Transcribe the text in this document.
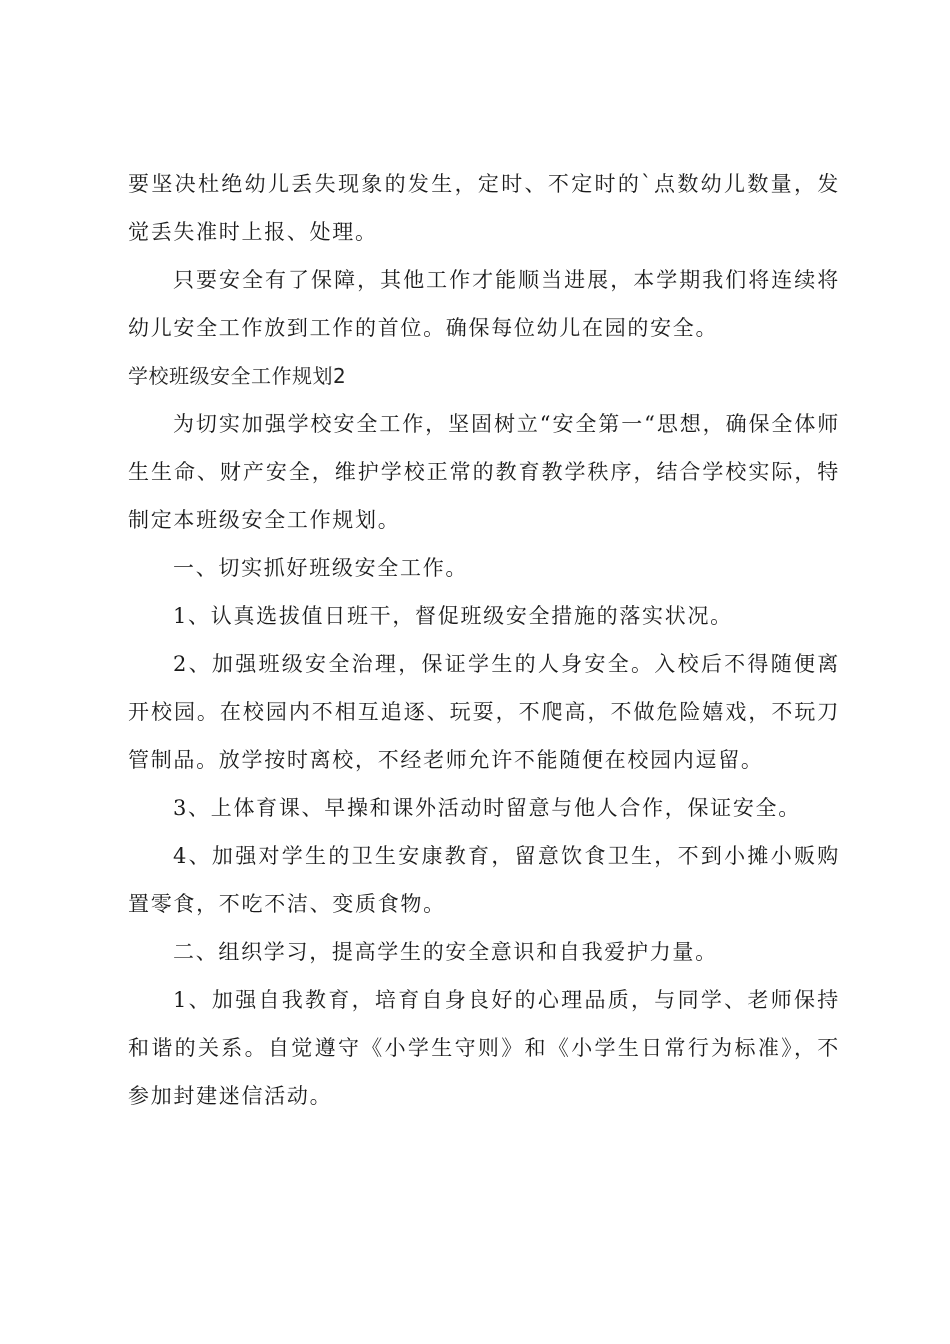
要坚决杜绝幼儿丢失现象的发生，定时、不定时的`点数幼儿数量，发觉丢失准时上报、处理。

只要安全有了保障，其他工作才能顺当进展，本学期我们将连续将幼儿安全工作放到工作的首位。确保每位幼儿在园的安全。

学校班级安全工作规划2

为切实加强学校安全工作，坚固树立“安全第一“思想，确保全体师生生命、财产安全，维护学校正常的教育教学秩序，结合学校实际，特制定本班级安全工作规划。

一、切实抓好班级安全工作。

1、认真选拔值日班干，督促班级安全措施的落实状况。

2、加强班级安全治理，保证学生的人身安全。入校后不得随便离开校园。在校园内不相互追逐、玩耍，不爬高，不做危险嬉戏，不玩刀管制品。放学按时离校，不经老师允许不能随便在校园内逗留。

3、上体育课、早操和课外活动时留意与他人合作，保证安全。

4、加强对学生的卫生安康教育，留意饮食卫生，不到小摊小贩购置零食，不吃不洁、变质食物。

二、组织学习，提高学生的安全意识和自我爱护力量。

1、加强自我教育，培育自身良好的心理品质，与同学、老师保持和谐的关系。自觉遵守《小学生守则》和《小学生日常行为标准》，不参加封建迷信活动。
